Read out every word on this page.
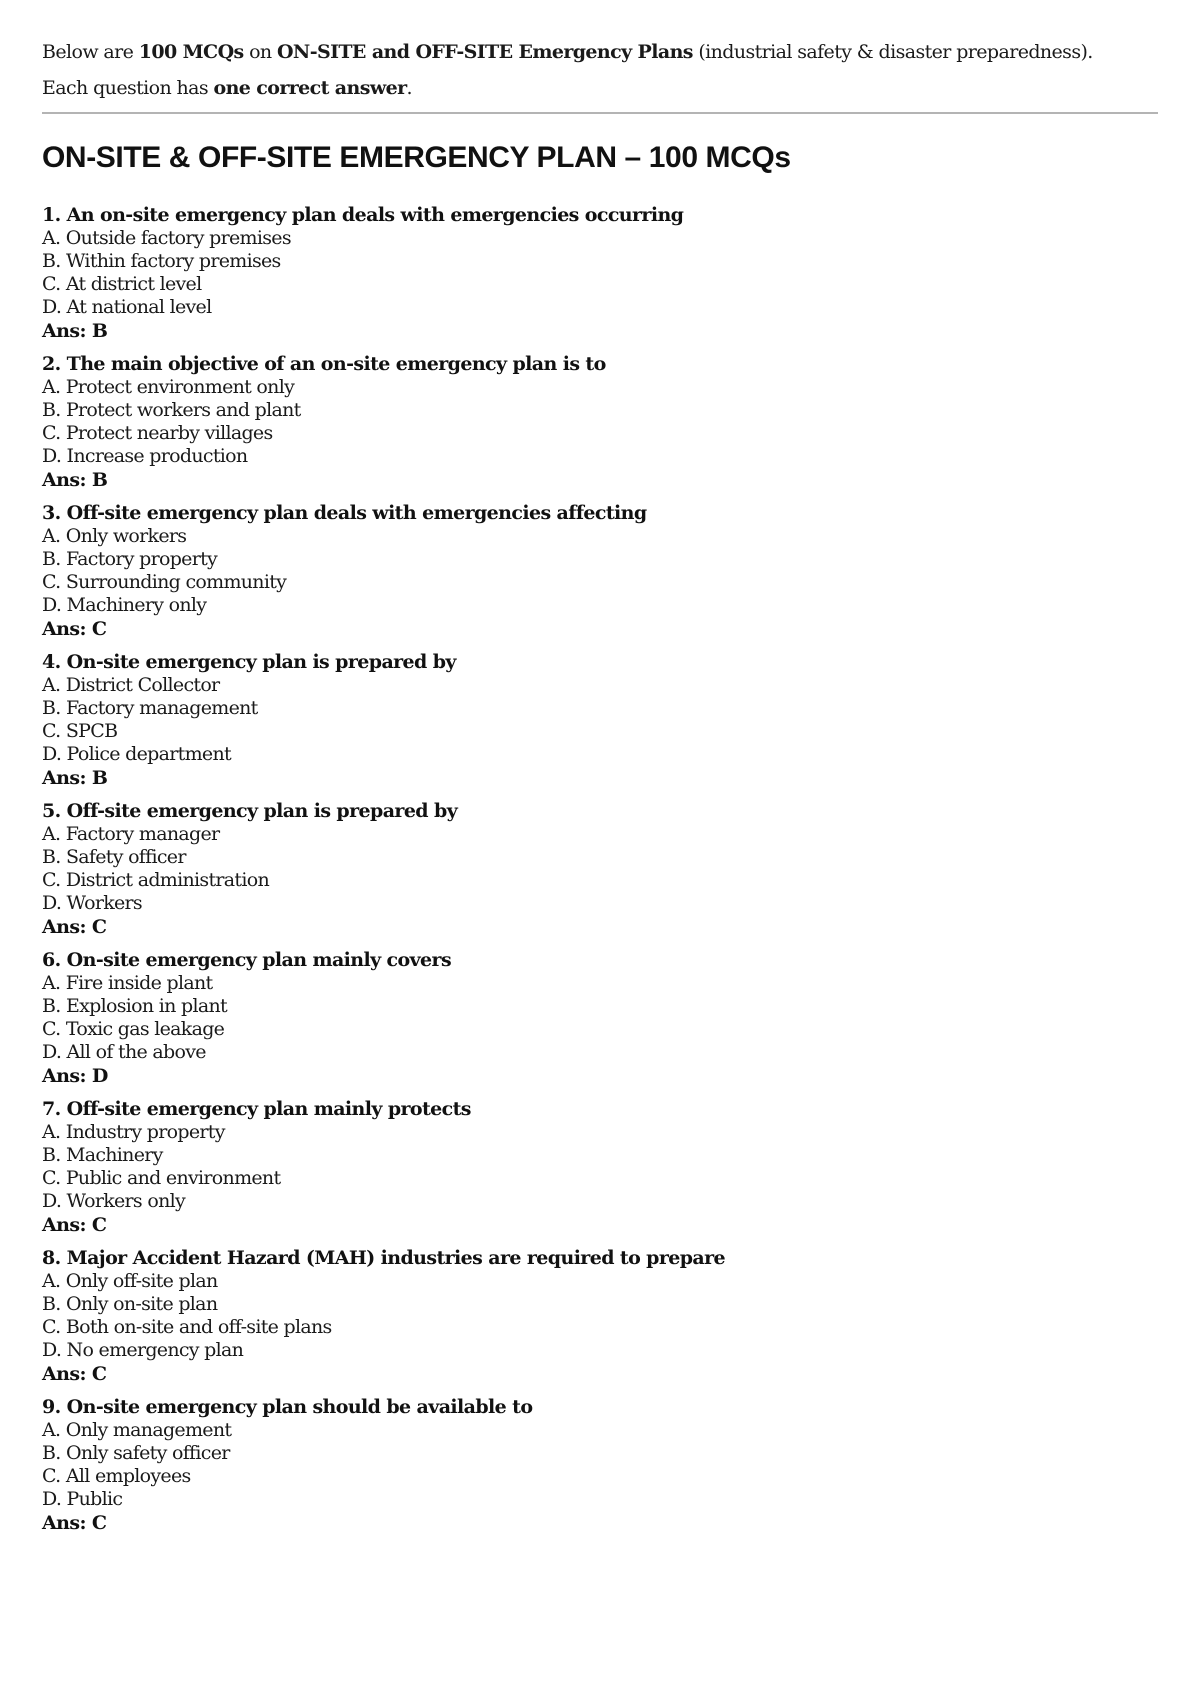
Below are 100 MCQs on ON-SITE and OFF-SITE Emergency Plans (industrial safety & disaster preparedness).
Each question has one correct answer.
ON-SITE & OFF-SITE EMERGENCY PLAN – 100 MCQs
1. An on-site emergency plan deals with emergencies occurring
A. Outside factory premises
B. Within factory premises
C. At district level
D. At national level
Ans: B
2. The main objective of an on-site emergency plan is to
A. Protect environment only
B. Protect workers and plant
C. Protect nearby villages
D. Increase production
Ans: B
3. Off-site emergency plan deals with emergencies affecting
A. Only workers
B. Factory property
C. Surrounding community
D. Machinery only
Ans: C
4. On-site emergency plan is prepared by
A. District Collector
B. Factory management
C. SPCB
D. Police department
Ans: B
5. Off-site emergency plan is prepared by
A. Factory manager
B. Safety officer
C. District administration
D. Workers
Ans: C
6. On-site emergency plan mainly covers
A. Fire inside plant
B. Explosion in plant
C. Toxic gas leakage
D. All of the above
Ans: D
7. Off-site emergency plan mainly protects
A. Industry property
B. Machinery
C. Public and environment
D. Workers only
Ans: C
8. Major Accident Hazard (MAH) industries are required to prepare
A. Only off-site plan
B. Only on-site plan
C. Both on-site and off-site plans
D. No emergency plan
Ans: C
9. On-site emergency plan should be available to
A. Only management
B. Only safety officer
C. All employees
D. Public
Ans: C
